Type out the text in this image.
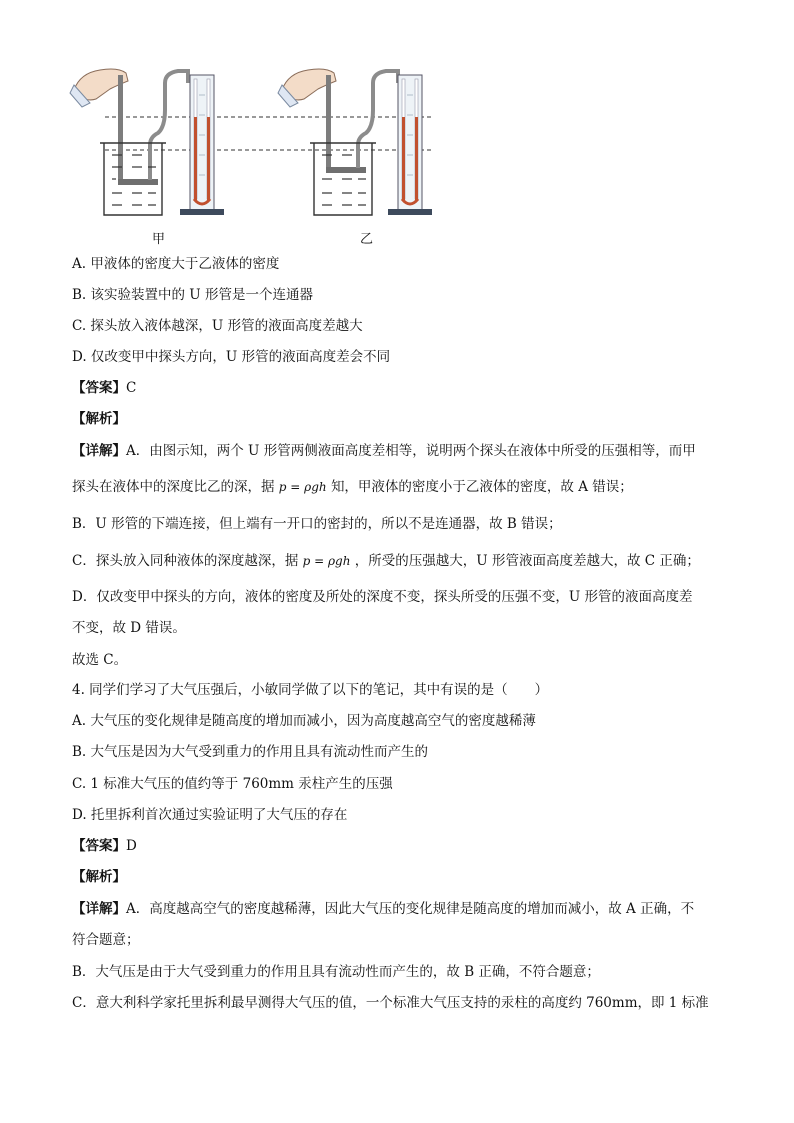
甲	乙
A. 甲液体的密度大于乙液体的密度
B. 该实验装置中的 U 形管是一个连通器
C. 探头放入液体越深，U 形管的液面高度差越大
D. 仅改变甲中探头方向，U 形管的液面高度差会不同
【答案】C
【解析】
【详解】A．由图示知，两个 U 形管两侧液面高度差相等，说明两个探头在液体中所受的压强相等，而甲
探头在液体中的深度比乙的深，据 p = ρgh 知，甲液体的密度小于乙液体的密度，故 A 错误；
B．U 形管的下端连接，但上端有一开口的密封的，所以不是连通器，故 B 错误；
C．探头放入同种液体的深度越深，据 p = ρgh ，所受的压强越大，U 形管液面高度差越大，故 C 正确；
D．仅改变甲中探头的方向，液体的密度及所处的深度不变，探头所受的压强不变，U 形管的液面高度差
不变，故 D 错误。
故选 C。
4. 同学们学习了大气压强后，小敏同学做了以下的笔记，其中有误的是（　　）
A. 大气压的变化规律是随高度的增加而减小，因为高度越高空气的密度越稀薄
B. 大气压是因为大气受到重力的作用且具有流动性而产生的
C. 1 标准大气压的值约等于 760mm 汞柱产生的压强
D. 托里拆利首次通过实验证明了大气压的存在
【答案】D
【解析】
【详解】A．高度越高空气的密度越稀薄，因此大气压的变化规律是随高度的增加而减小，故 A 正确，不
符合题意；
B．大气压是由于大气受到重力的作用且具有流动性而产生的，故 B 正确，不符合题意；
C．意大利科学家托里拆利最早测得大气压的值，一个标准大气压支持的汞柱的高度约 760mm，即 1 标准
